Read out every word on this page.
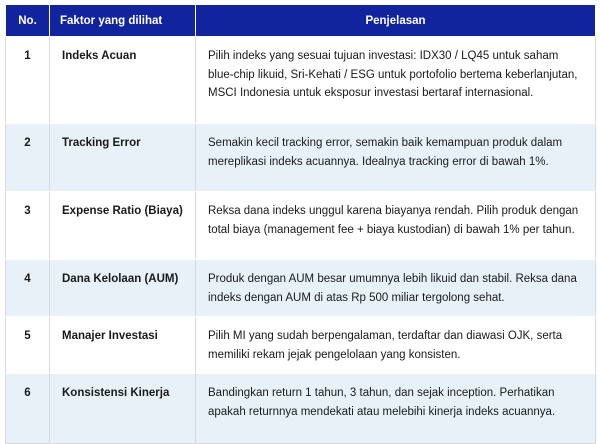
No.	Faktor yang dilihat	Penjelasan
1	Indeks Acuan	Pilih indeks yang sesuai tujuan investasi: IDX30 / LQ45 untuk saham blue-chip likuid, Sri-Kehati / ESG untuk portofolio bertema keberlanjutan, MSCI Indonesia untuk eksposur investasi bertaraf internasional.
2	Tracking Error	Semakin kecil tracking error, semakin baik kemampuan produk dalam mereplikasi indeks acuannya. Idealnya tracking error di bawah 1%.
3	Expense Ratio (Biaya)	Reksa dana indeks unggul karena biayanya rendah. Pilih produk dengan total biaya (management fee + biaya kustodian) di bawah 1% per tahun.
4	Dana Kelolaan (AUM)	Produk dengan AUM besar umumnya lebih likuid dan stabil. Reksa dana indeks dengan AUM di atas Rp 500 miliar tergolong sehat.
5	Manajer Investasi	Pilih MI yang sudah berpengalaman, terdaftar dan diawasi OJK, serta memiliki rekam jejak pengelolaan yang konsisten.
6	Konsistensi Kinerja	Bandingkan return 1 tahun, 3 tahun, dan sejak inception. Perhatikan apakah returnnya mendekati atau melebihi kinerja indeks acuannya.
